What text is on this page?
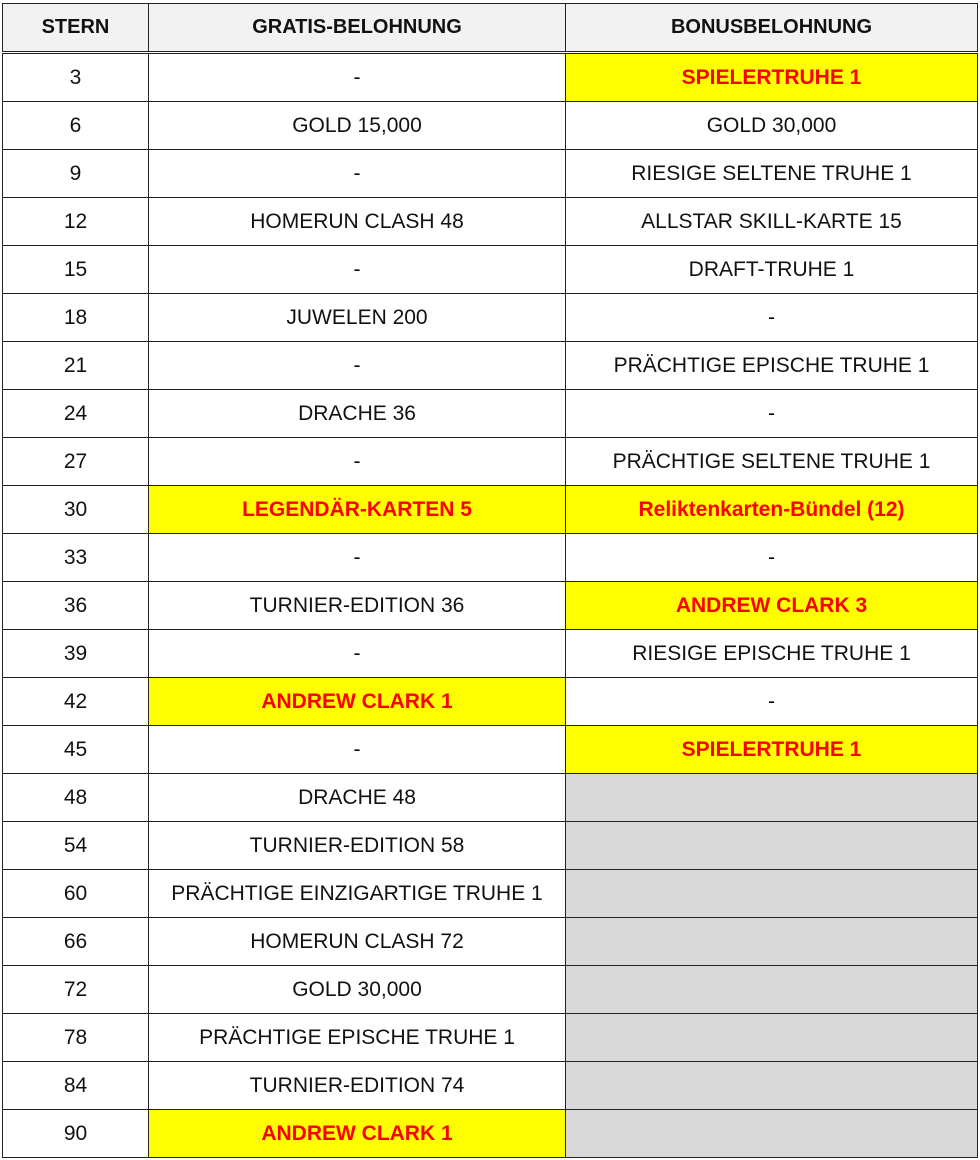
STERN	GRATIS-BELOHNUNG	BONUSBELOHNUNG
3	-	SPIELERTRUHE 1
6	GOLD 15,000	GOLD 30,000
9	-	RIESIGE SELTENE TRUHE 1
12	HOMERUN CLASH 48	ALLSTAR SKILL-KARTE 15
15	-	DRAFT-TRUHE 1
18	JUWELEN 200	-
21	-	PRÄCHTIGE EPISCHE TRUHE 1
24	DRACHE 36	-
27	-	PRÄCHTIGE SELTENE TRUHE 1
30	LEGENDÄR-KARTEN 5	Reliktenkarten-Bündel (12)
33	-	-
36	TURNIER-EDITION 36	ANDREW CLARK 3
39	-	RIESIGE EPISCHE TRUHE 1
42	ANDREW CLARK 1	-
45	-	SPIELERTRUHE 1
48	DRACHE 48	
54	TURNIER-EDITION 58	
60	PRÄCHTIGE EINZIGARTIGE TRUHE 1	
66	HOMERUN CLASH 72	
72	GOLD 30,000	
78	PRÄCHTIGE EPISCHE TRUHE 1	
84	TURNIER-EDITION 74	
90	ANDREW CLARK 1	
